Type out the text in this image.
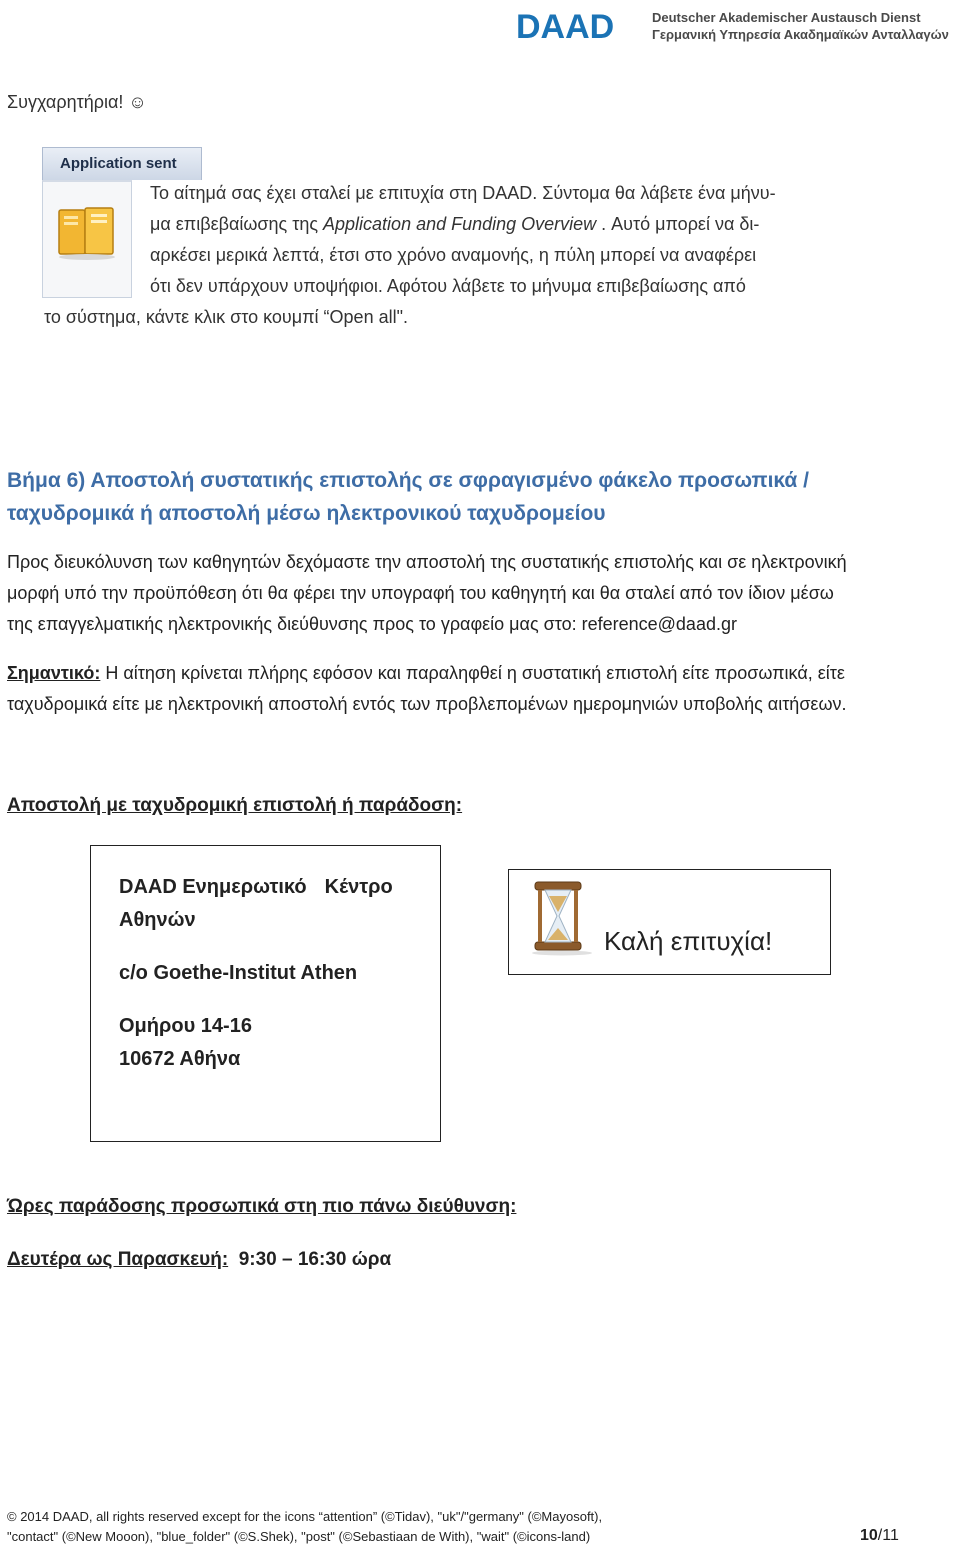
DAAD	Deutscher Akademischer Austausch Dienst
Γερμανική Υπηρεσία Ακαδημαϊκών Ανταλλαγών
Συγχαρητήρια! ☺
Application sent
Το αίτημά σας έχει σταλεί με επιτυχία στη DAAD. Σύντομα θα λάβετε ένα μήνυ-
μα επιβεβαίωσης της Application and Funding Overview . Αυτό μπορεί να δι-
αρκέσει μερικά λεπτά, έτσι στο χρόνο αναμονής, η πύλη μπορεί να αναφέρει
ότι δεν υπάρχουν υποψήφιοι. Αφότου λάβετε το μήνυμα επιβεβαίωσης από
το σύστημα, κάντε κλικ στο κουμπί “Open all".
Βήμα 6) Αποστολή συστατικής επιστολής σε σφραγισμένο φάκελο προσωπικά /
ταχυδρομικά ή αποστολή μέσω ηλεκτρονικού ταχυδρομείου
Προς διευκόλυνση των καθηγητών δεχόμαστε την αποστολή της συστατικής επιστολής και σε ηλεκτρονική
μορφή υπό την προϋπόθεση ότι θα φέρει την υπογραφή του καθηγητή και θα σταλεί από τον ίδιον μέσω
της επαγγελματικής ηλεκτρονικής διεύθυνσης προς το γραφείο μας στο: reference@daad.gr
Σημαντικό: Η αίτηση κρίνεται πλήρης εφόσον και παραληφθεί η συστατική επιστολή είτε προσωπικά, είτε
ταχυδρομικά είτε με ηλεκτρονική αποστολή εντός των προβλεπομένων ημερομηνιών υποβολής αιτήσεων.
Αποστολή με ταχυδρομική επιστολή ή παράδοση:
DAAD Ενημερωτικό Κέντρο
Αθηνών
c/o Goethe-Institut Athen
Ομήρου 14-16
10672 Αθήνα
Καλή επιτυχία!
Ώρες παράδοσης προσωπικά στη πιο πάνω διεύθυνση:
Δευτέρα ως Παρασκευή:  9:30 – 16:30 ώρα
© 2014 DAAD, all rights reserved except for the icons “attention” (©Tidav), "uk"/"germany" (©Mayosoft),
"contact" (©New Mooon), "blue_folder" (©S.Shek), "post" (©Sebastiaan de With), "wait" (©icons-land)	10/11
